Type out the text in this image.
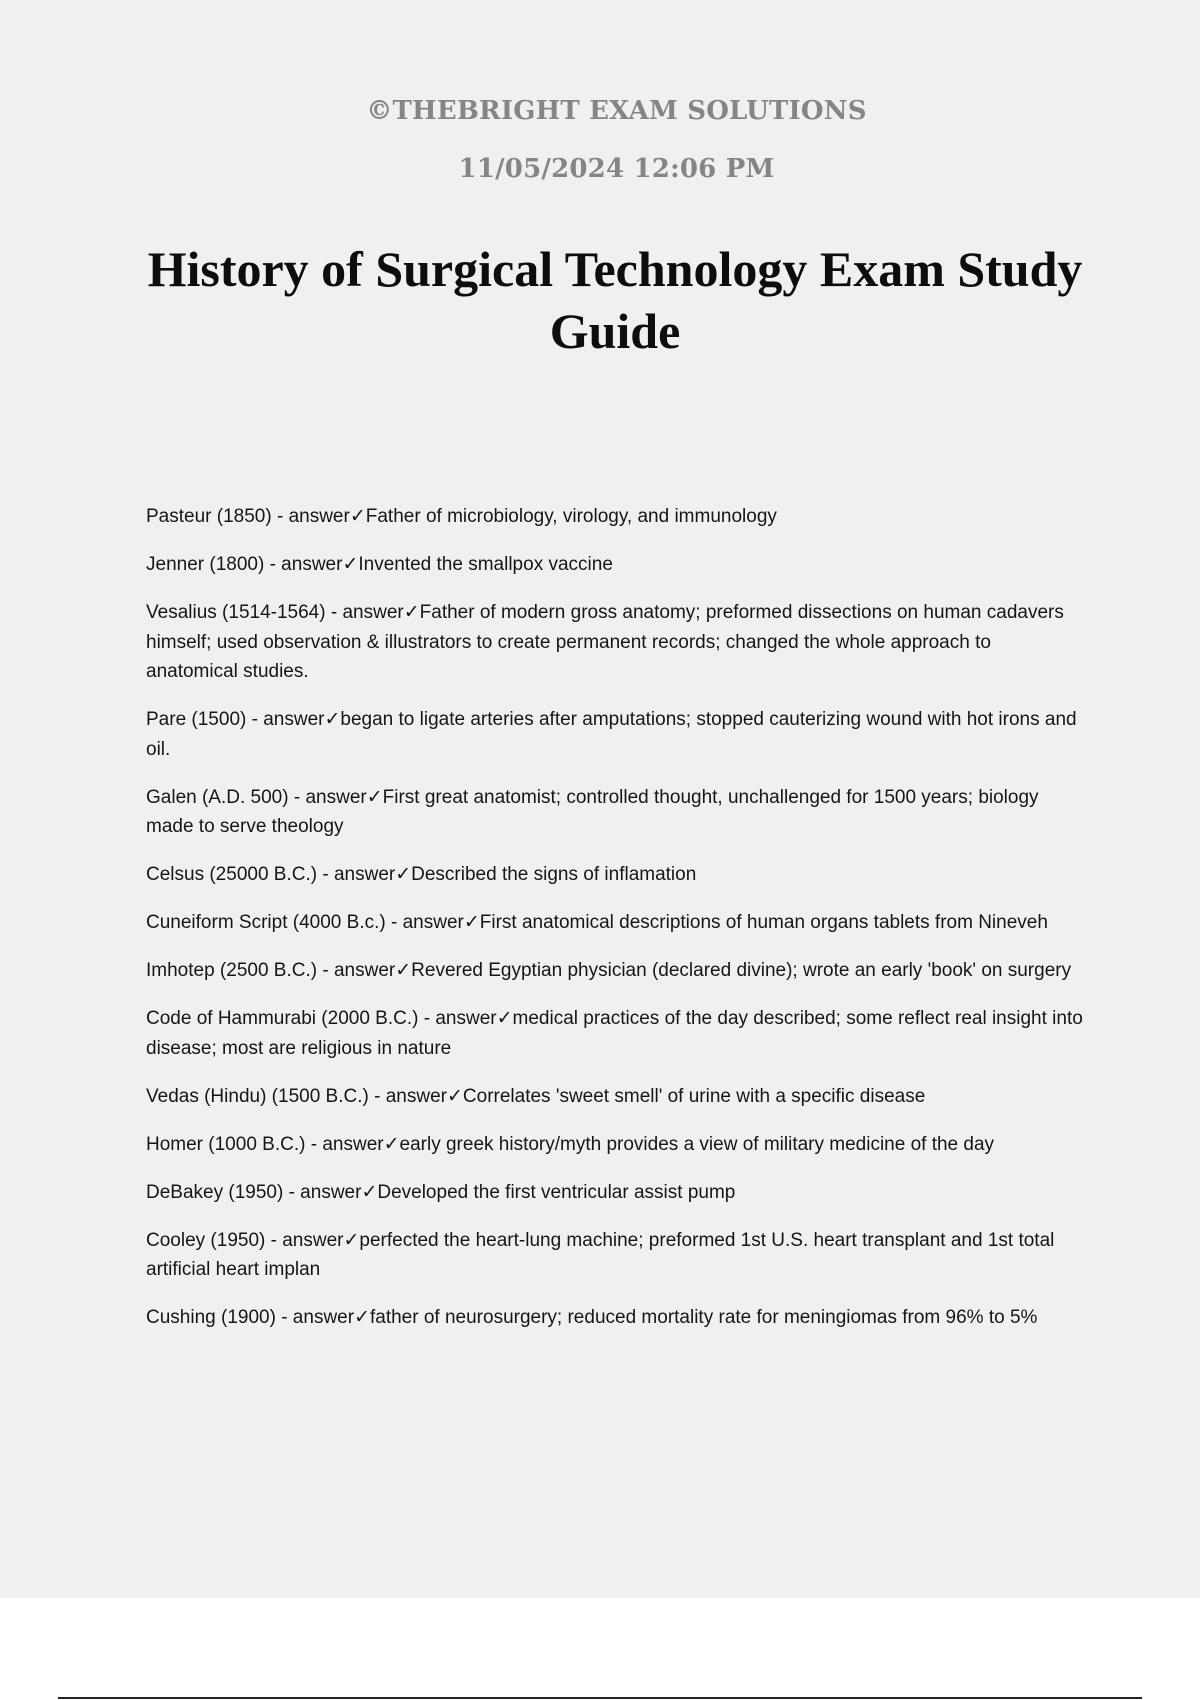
©THEBRIGHT EXAM SOLUTIONS
11/05/2024 12:06 PM
History of Surgical Technology Exam Study Guide

Pasteur (1850) - answer✓Father of microbiology, virology, and immunology

Jenner (1800) - answer✓Invented the smallpox vaccine

Vesalius (1514-1564) - answer✓Father of modern gross anatomy; preformed dissections on human cadavers himself; used observation & illustrators to create permanent records; changed the whole approach to anatomical studies.

Pare (1500) - answer✓began to ligate arteries after amputations; stopped cauterizing wound with hot irons and oil.

Galen (A.D. 500) - answer✓First great anatomist; controlled thought, unchallenged for 1500 years; biology made to serve theology

Celsus (25000 B.C.) - answer✓Described the signs of inflamation

Cuneiform Script (4000 B.c.) - answer✓First anatomical descriptions of human organs tablets from Nineveh

Imhotep (2500 B.C.) - answer✓Revered Egyptian physician (declared divine); wrote an early 'book' on surgery

Code of Hammurabi (2000 B.C.) - answer✓medical practices of the day described; some reflect real insight into disease; most are religious in nature

Vedas (Hindu) (1500 B.C.) - answer✓Correlates 'sweet smell' of urine with a specific disease

Homer (1000 B.C.) - answer✓early greek history/myth provides a view of military medicine of the day

DeBakey (1950) - answer✓Developed the first ventricular assist pump

Cooley (1950) - answer✓perfected the heart-lung machine; preformed 1st U.S. heart transplant and 1st total artificial heart implan

Cushing (1900) - answer✓father of neurosurgery; reduced mortality rate for meningiomas from 96% to 5%
